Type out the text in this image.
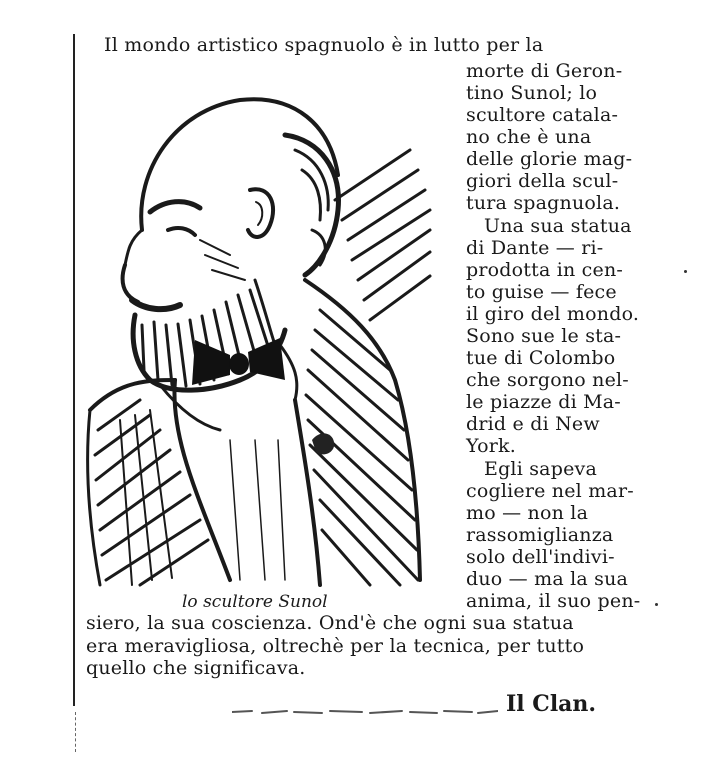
Il mondo artistico spagnuolo è in lutto per la
morte di Geron-
tino Sunol; lo
scultore catala-
no che è una
delle glorie mag-
giori della scul-
tura spagnuola.
Una sua statua
di Dante — ri-
prodotta in cen-
to guise — fece
il giro del mondo.
Sono sue le sta-
tue di Colombo
che sorgono nel-
le piazze di Ma-
drid e di New
York.
Egli sapeva
cogliere nel mar-
mo — non la
rassomiglianza
solo dell'indivi-
duo — ma la sua
anima, il suo pen-
lo scultore Sunol
siero, la sua coscienza. Ond'è che ogni sua statua
era meravigliosa, oltrechè per la tecnica, per tutto
quello che significava.
Il Clan.
